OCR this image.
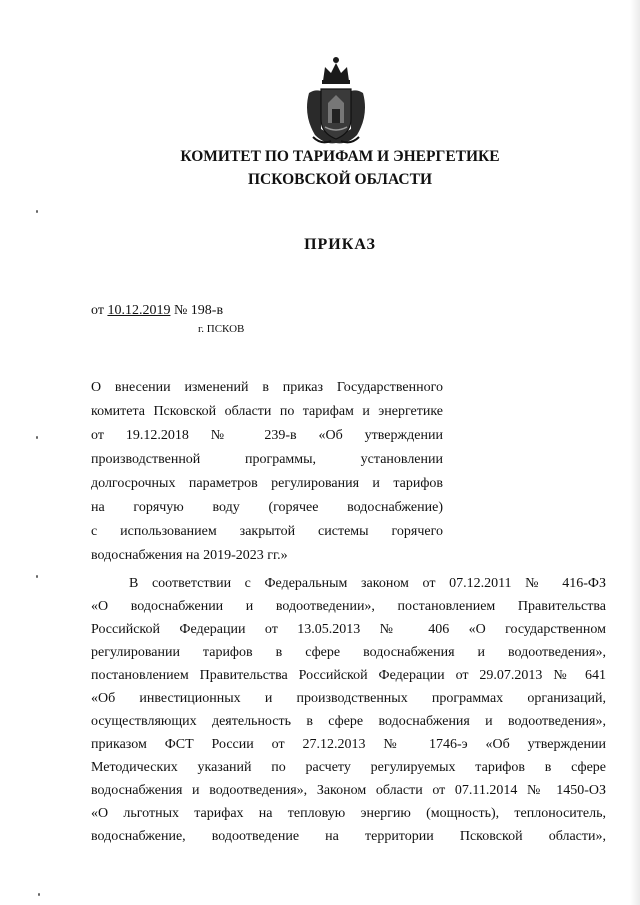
КОМИТЕТ ПО ТАРИФАМ И ЭНЕРГЕТИКЕ
ПСКОВСКОЙ ОБЛАСТИ
ПРИКАЗ
от 10.12.2019 № 198-в
г. ПСКОВ
О внесении изменений в приказ Государственного
комитета Псковской области по тарифам и энергетике
от 19.12.2018 № 239-в «Об утверждении
производственной программы, установлении
долгосрочных параметров регулирования и тарифов
на горячую воду (горячее водоснабжение)
с использованием закрытой системы горячего
водоснабжения на 2019-2023 гг.»
В соответствии с Федеральным законом от 07.12.2011 № 416-ФЗ
«О водоснабжении и водоотведении», постановлением Правительства
Российской Федерации от 13.05.2013 № 406 «О государственном
регулировании тарифов в сфере водоснабжения и водоотведения»,
постановлением Правительства Российской Федерации от 29.07.2013 № 641
«Об инвестиционных и производственных программах организаций,
осуществляющих деятельность в сфере водоснабжения и водоотведения»,
приказом ФСТ России от 27.12.2013 № 1746-э «Об утверждении
Методических указаний по расчету регулируемых тарифов в сфере
водоснабжения и водоотведения», Законом области от 07.11.2014 № 1450-ОЗ
«О льготных тарифах на тепловую энергию (мощность), теплоноситель,
водоснабжение, водоотведение на территории Псковской области»,
